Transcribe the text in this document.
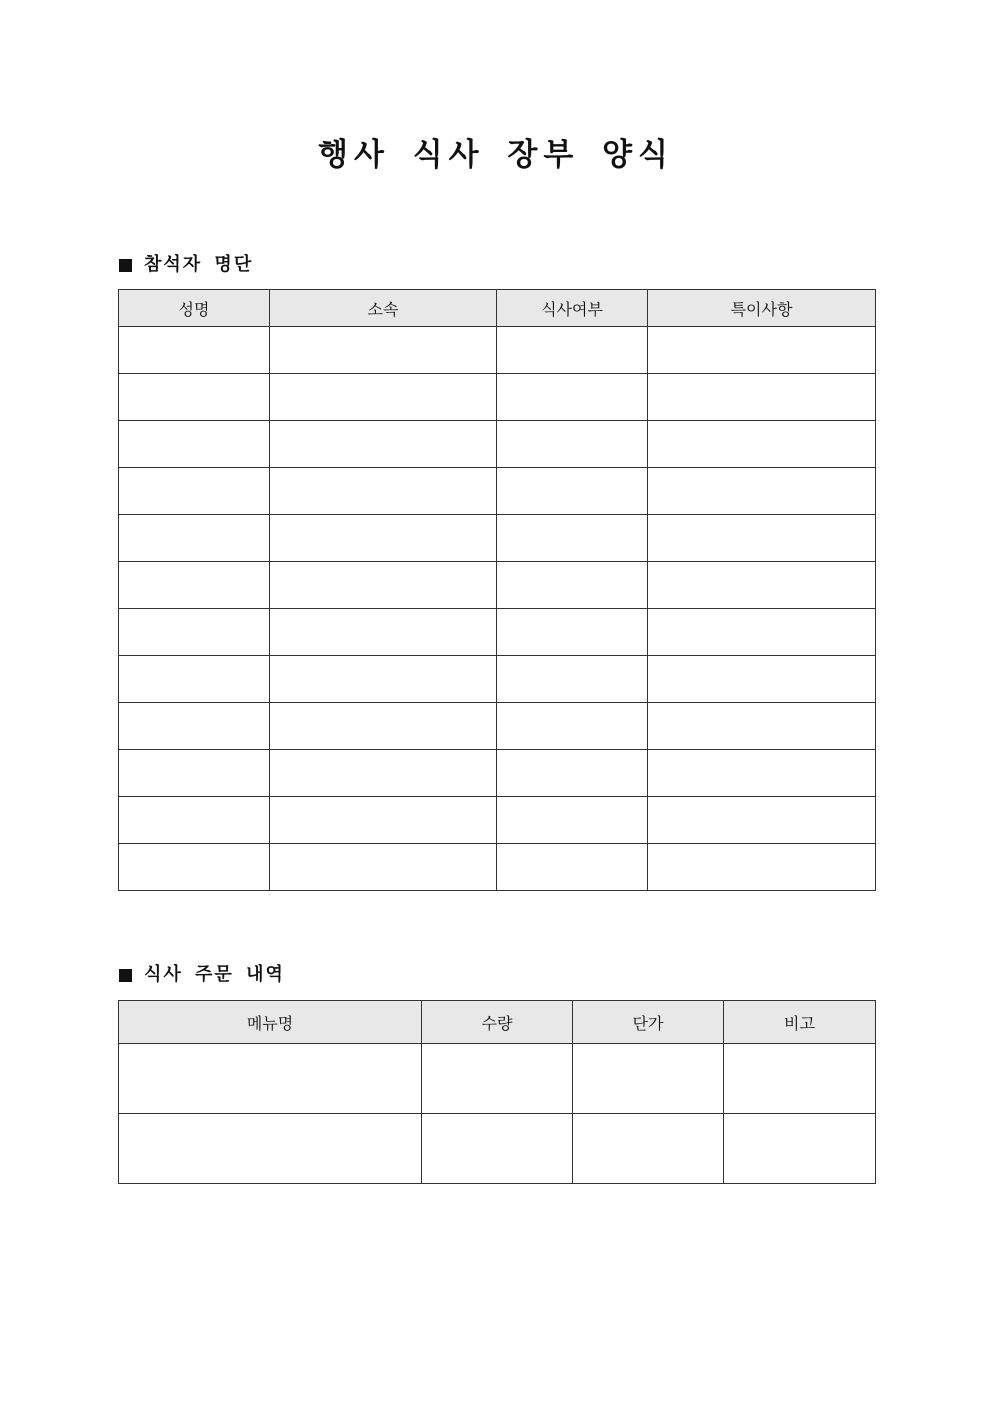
행사 식사 장부 양식
참석자 명단
성명	소속	식사여부	특이사항

식사 주문 내역
메뉴명	수량	단가	비고
